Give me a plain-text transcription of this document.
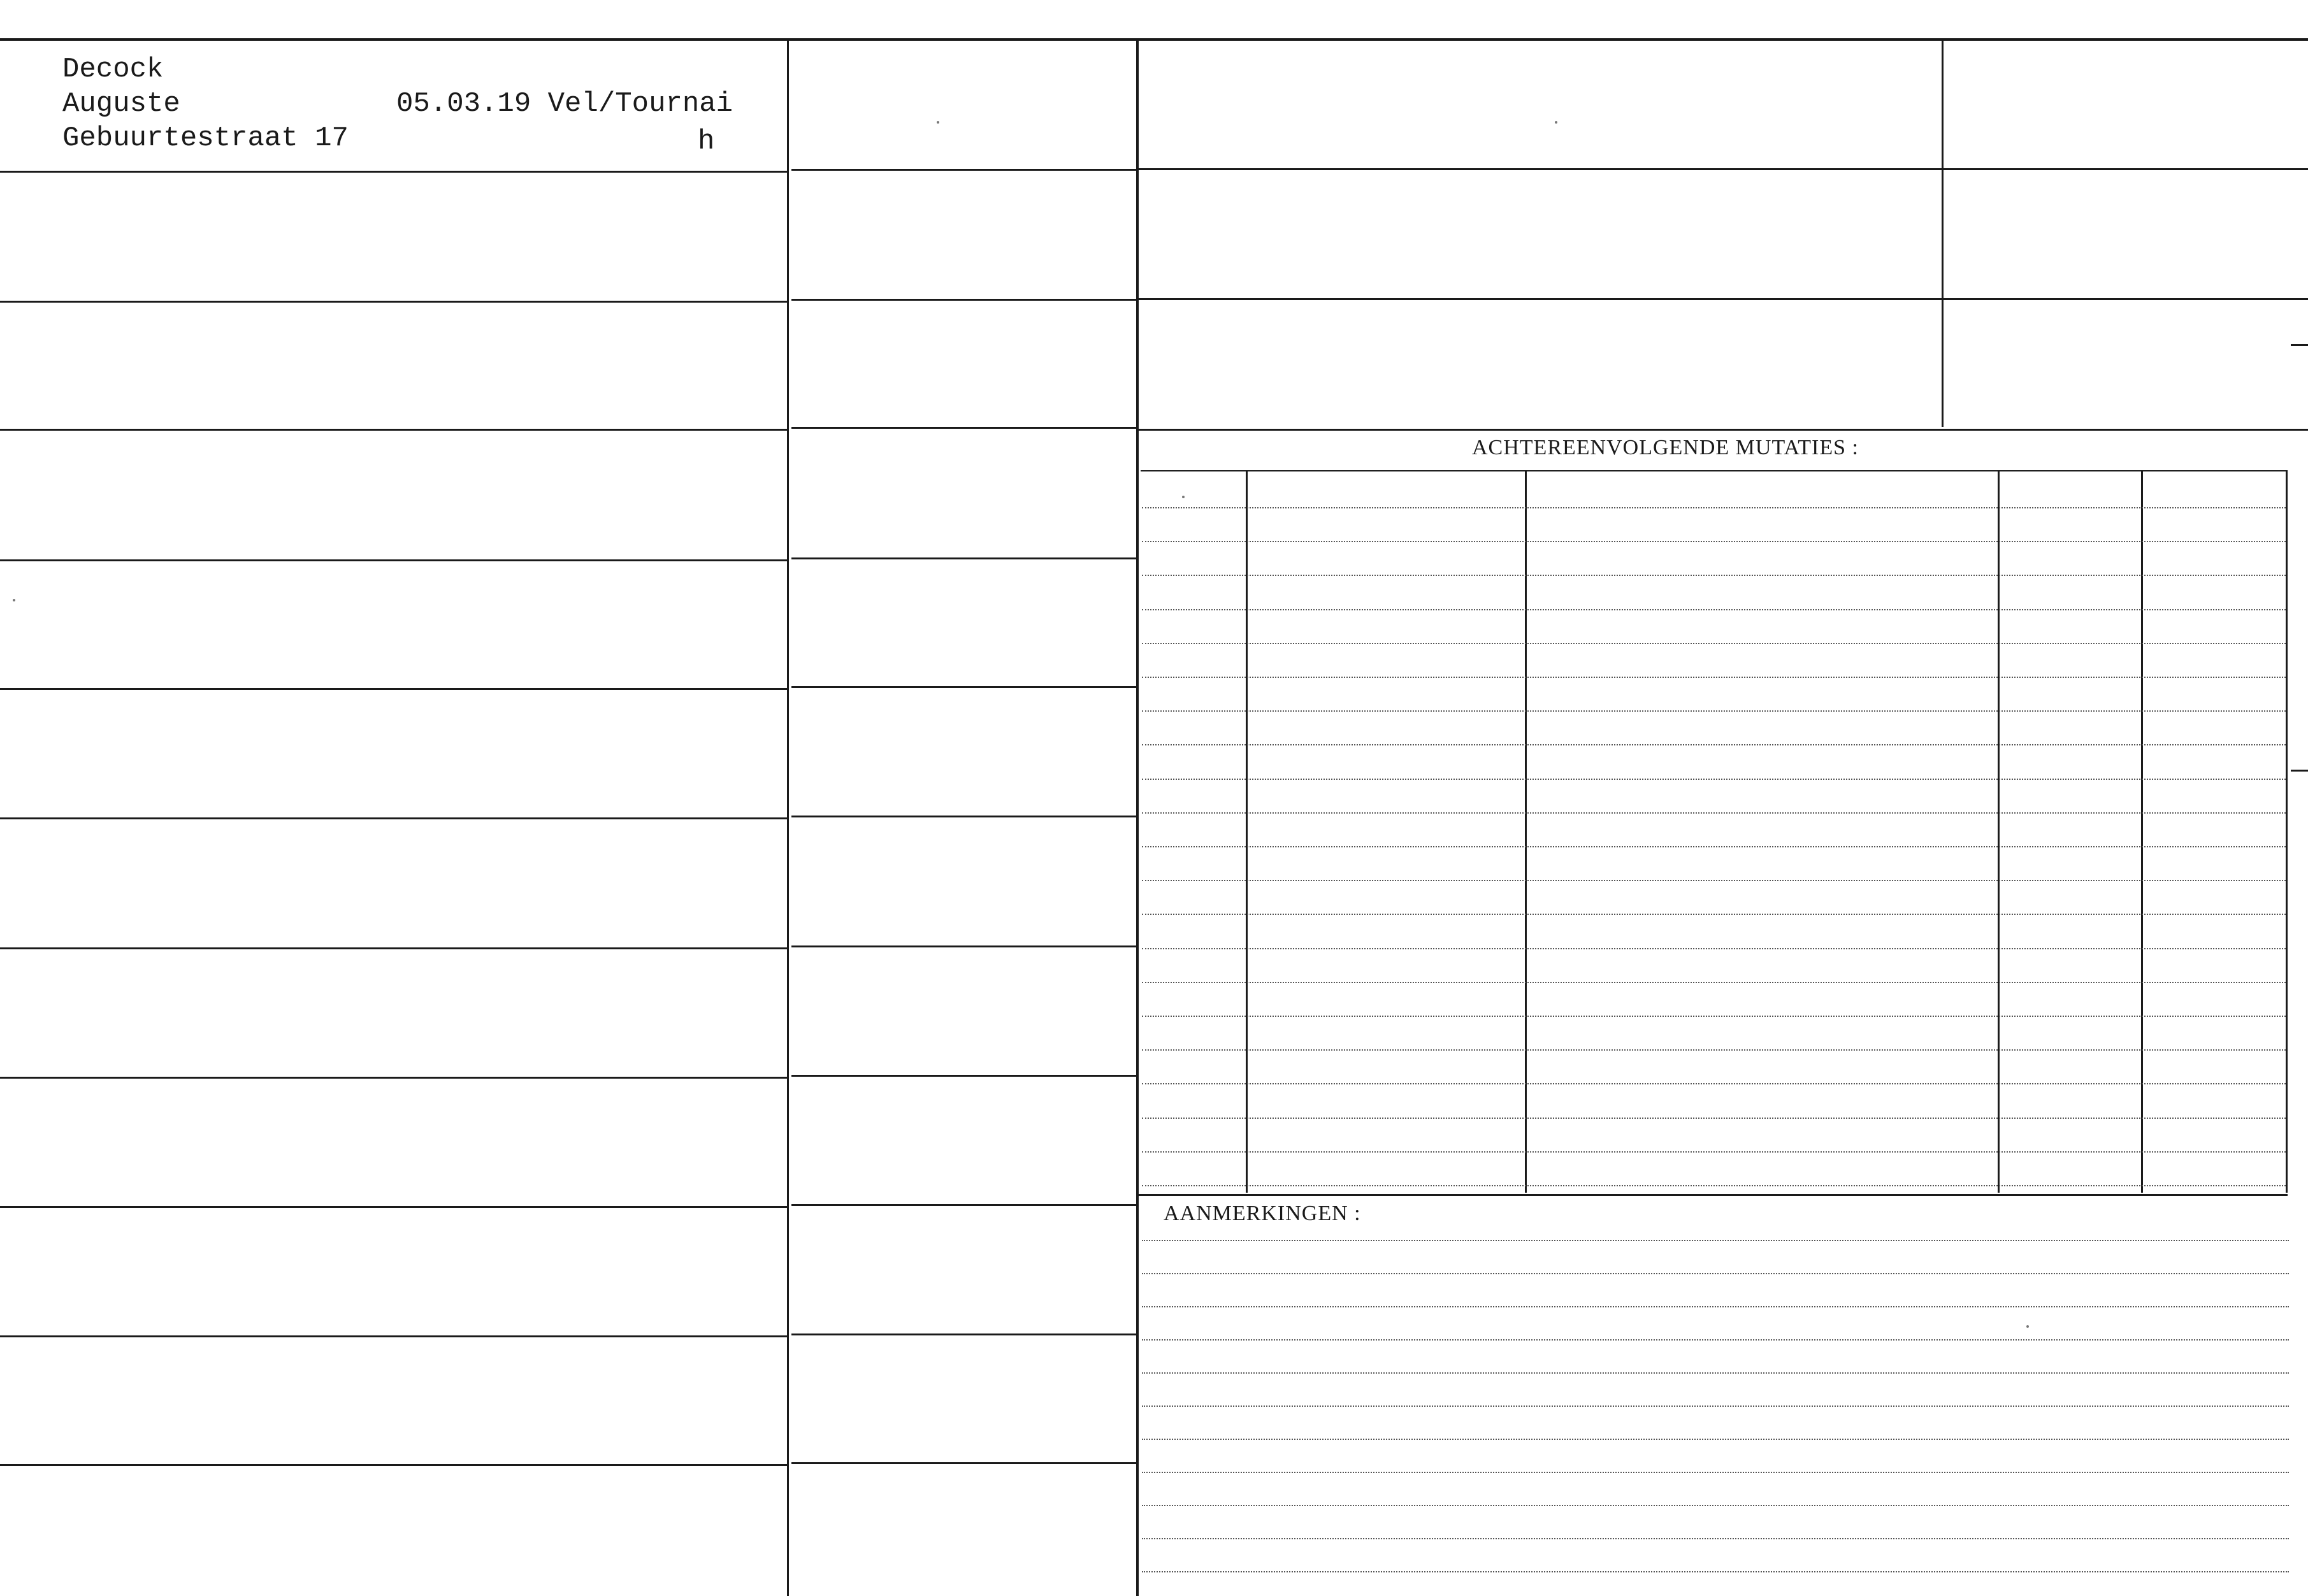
Decock
Auguste
Gebuurtestraat 17
05.03.19 Vel/Tournai
h
ACHTEREENVOLGENDE MUTATIES :
AANMERKINGEN :
